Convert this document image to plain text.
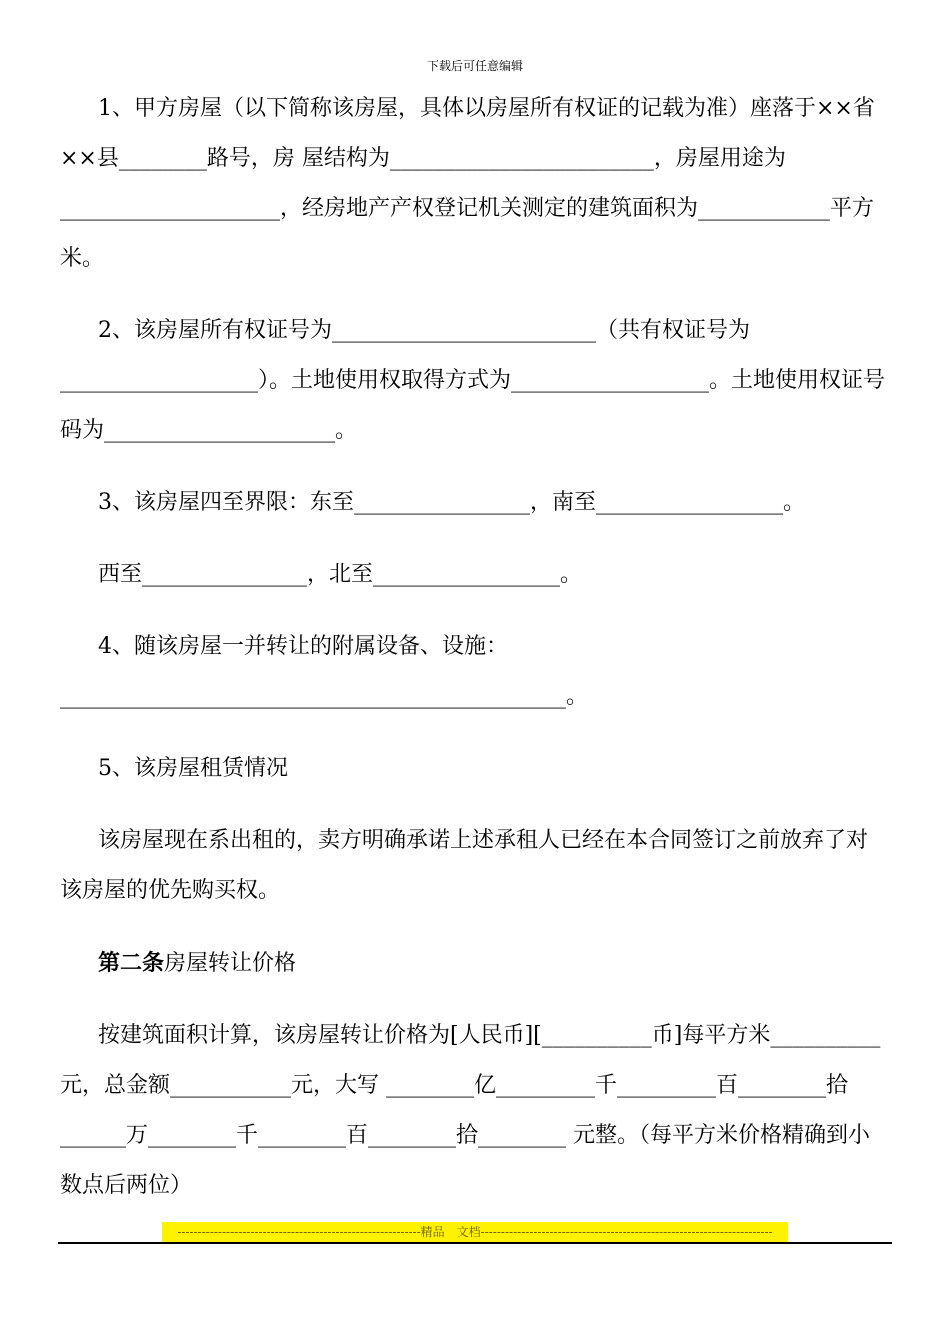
下载后可任意编辑

1、甲方房屋（以下简称该房屋，具体以房屋所有权证的记载为准）座落于××省××县________路号，房 屋结构为________________________，房屋用途为____________________，经房地产产权登记机关测定的建筑面积为____________平方米。

2、该房屋所有权证号为________________________（共有权证号为__________________）。土地使用权取得方式为__________________。土地使用权证号码为_____________________。

3、该房屋四至界限：东至________________，南至_________________。

西至_______________，北至_________________。

4、随该房屋一并转让的附属设备、设施：______________________________________________。

5、该房屋租赁情况

该房屋现在系出租的，卖方明确承诺上述承租人已经在本合同签订之前放弃了对该房屋的优先购买权。

第二条房屋转让价格

按建筑面积计算，该房屋转让价格为[人民币][__________币]每平方米__________元，总金额___________元，大写 ________亿_________千_________百________拾______万________千________百________拾________ 元整。（每平方米价格精确到小数点后两位）

------------------------------------------------------------精品　文档------------------------------------------------------------------------
